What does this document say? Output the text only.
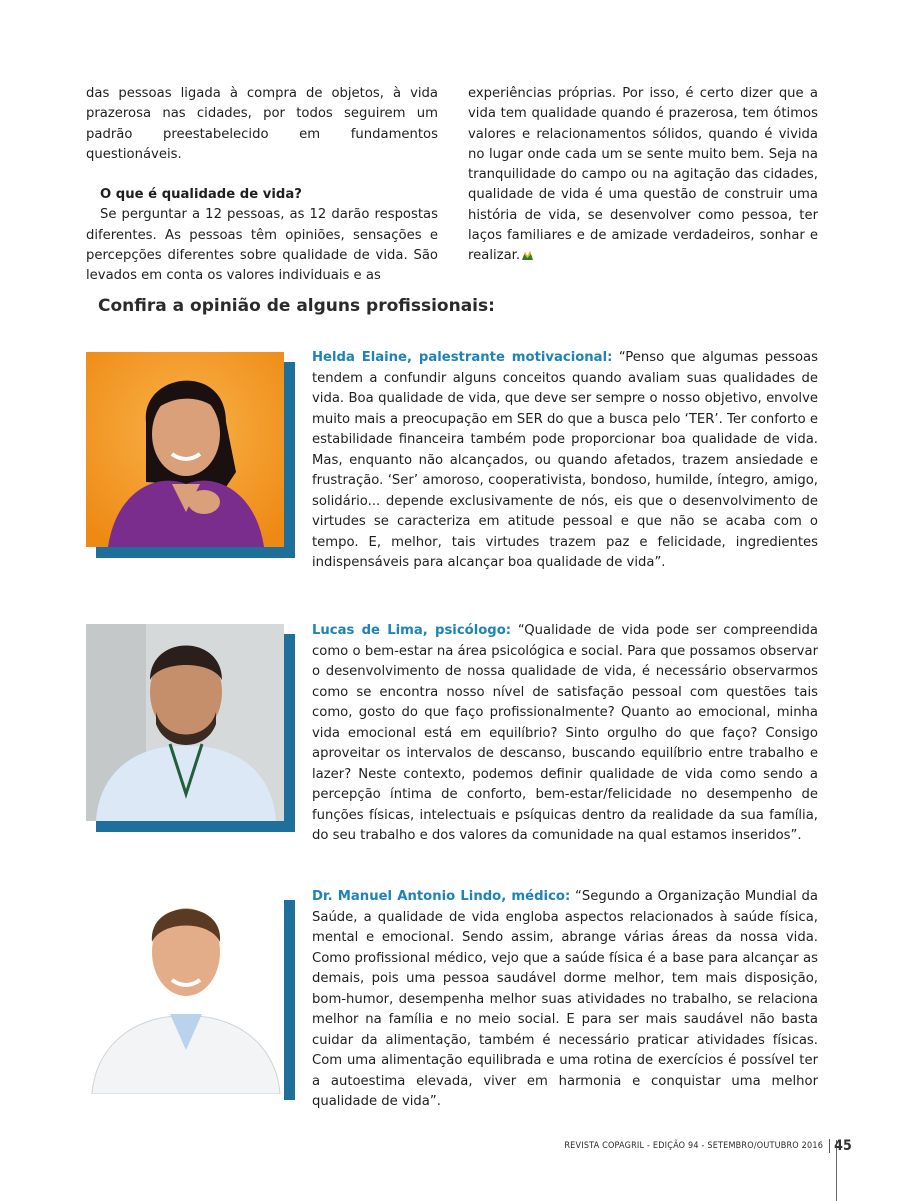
das pessoas ligada à compra de objetos, à vida prazerosa nas cidades, por todos seguirem um padrão preestabelecido em fundamentos questionáveis.

O que é qualidade de vida?

Se perguntar a 12 pessoas, as 12 darão respostas diferentes. As pessoas têm opiniões, sensações e percepções diferentes sobre qualidade de vida. São levados em conta os valores individuais e as

experiências próprias. Por isso, é certo dizer que a vida tem qualidade quando é prazerosa, tem ótimos valores e relacionamentos sólidos, quando é vivida no lugar onde cada um se sente muito bem. Seja na tranquilidade do campo ou na agitação das cidades, qualidade de vida é uma questão de construir uma história de vida, se desenvolver como pessoa, ter laços familiares e de amizade verdadeiros, sonhar e realizar.

Confira a opinião de alguns profissionais:
Helda Elaine, palestrante motivacional: “Penso que algumas pessoas tendem a confundir alguns conceitos quando avaliam suas qualidades de vida. Boa qualidade de vida, que deve ser sempre o nosso objetivo, envolve muito mais a preocupação em SER do que a busca pelo ‘TER’. Ter conforto e estabilidade financeira também pode proporcionar boa qualidade de vida. Mas, enquanto não alcançados, ou quando afetados, trazem ansiedade e frustração. ‘Ser’ amoroso, cooperativista, bondoso, humilde, íntegro, amigo, solidário... depende exclusivamente de nós, eis que o desenvolvimento de virtudes se caracteriza em atitude pessoal e que não se acaba com o tempo. E, melhor, tais virtudes trazem paz e felicidade, ingredientes indispensáveis para alcançar boa qualidade de vida”.
Lucas de Lima, psicólogo: “Qualidade de vida pode ser compreendida como o bem-estar na área psicológica e social. Para que possamos observar o desenvolvimento de nossa qualidade de vida, é necessário observarmos como se encontra nosso nível de satisfação pessoal com questões tais como, gosto do que faço profissionalmente? Quanto ao emocional, minha vida emocional está em equilíbrio? Sinto orgulho do que faço? Consigo aproveitar os intervalos de descanso, buscando equilíbrio entre trabalho e lazer? Neste contexto, podemos definir qualidade de vida como sendo a percepção íntima de conforto, bem-estar/felicidade no desempenho de funções físicas, intelectuais e psíquicas dentro da realidade da sua família, do seu trabalho e dos valores da comunidade na qual estamos inseridos”.
Dr. Manuel Antonio Lindo, médico: “Segundo a Organização Mundial da Saúde, a qualidade de vida engloba aspectos relacionados à saúde física, mental e emocional. Sendo assim, abrange várias áreas da nossa vida. Como profissional médico, vejo que a saúde física é a base para alcançar as demais, pois uma pessoa saudável dorme melhor, tem mais disposição, bom-humor, desempenha melhor suas atividades no trabalho, se relaciona melhor na família e no meio social. E para ser mais saudável não basta cuidar da alimentação, também é necessário praticar atividades físicas. Com uma alimentação equilibrada e uma rotina de exercícios é possível ter a autoestima elevada, viver em harmonia e conquistar uma melhor qualidade de vida”.
REVISTA COPAGRIL - EDIÇÃO 94 - SETEMBRO/OUTUBRO 2016 45
